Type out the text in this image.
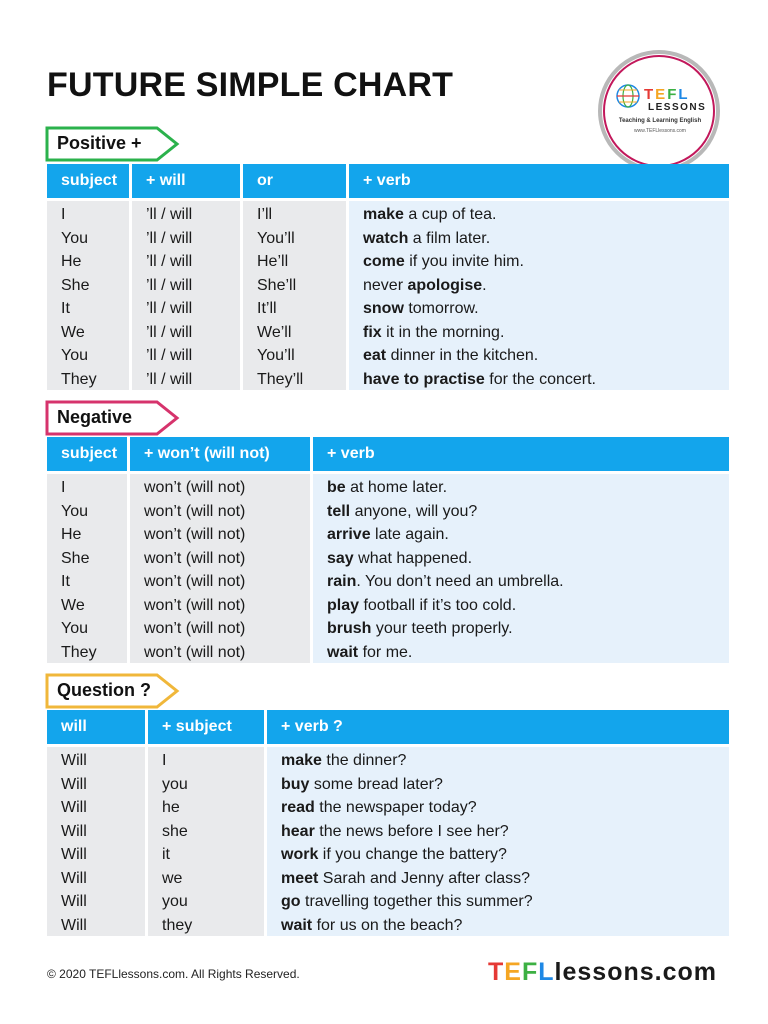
FUTURE SIMPLE CHART	TEFL
LESSONS
Teaching & Learning English
www.TEFLlessons.com
Positive +
subject	+ will	or	+ verb
I	’ll / will	I’ll	make a cup of tea.
You	’ll / will	You’ll	watch a film later.
He	’ll / will	He’ll	come if you invite him.
She	’ll / will	She’ll	never apologise.
It	’ll / will	It’ll	snow tomorrow.
We	’ll / will	We’ll	fix it in the morning.
You	’ll / will	You’ll	eat dinner in the kitchen.
They	’ll / will	They’ll	have to practise for the concert.
Negative
subject	+ won’t (will not)	+ verb
I	won’t (will not)	be at home later.
You	won’t (will not)	tell anyone, will you?
He	won’t (will not)	arrive late again.
She	won’t (will not)	say what happened.
It	won’t (will not)	rain. You don’t need an umbrella.
We	won’t (will not)	play football if it’s too cold.
You	won’t (will not)	brush your teeth properly.
They	won’t (will not)	wait for me.
Question ?
will	+ subject	+ verb ?
Will	I	make the dinner?
Will	you	buy some bread later?
Will	he	read the newspaper today?
Will	she	hear the news before I see her?
Will	it	work if you change the battery?
Will	we	meet Sarah and Jenny after class?
Will	you	go travelling together this summer?
Will	they	wait for us on the beach?
© 2020 TEFLlessons.com. All Rights Reserved.	TEFLlessons.com
